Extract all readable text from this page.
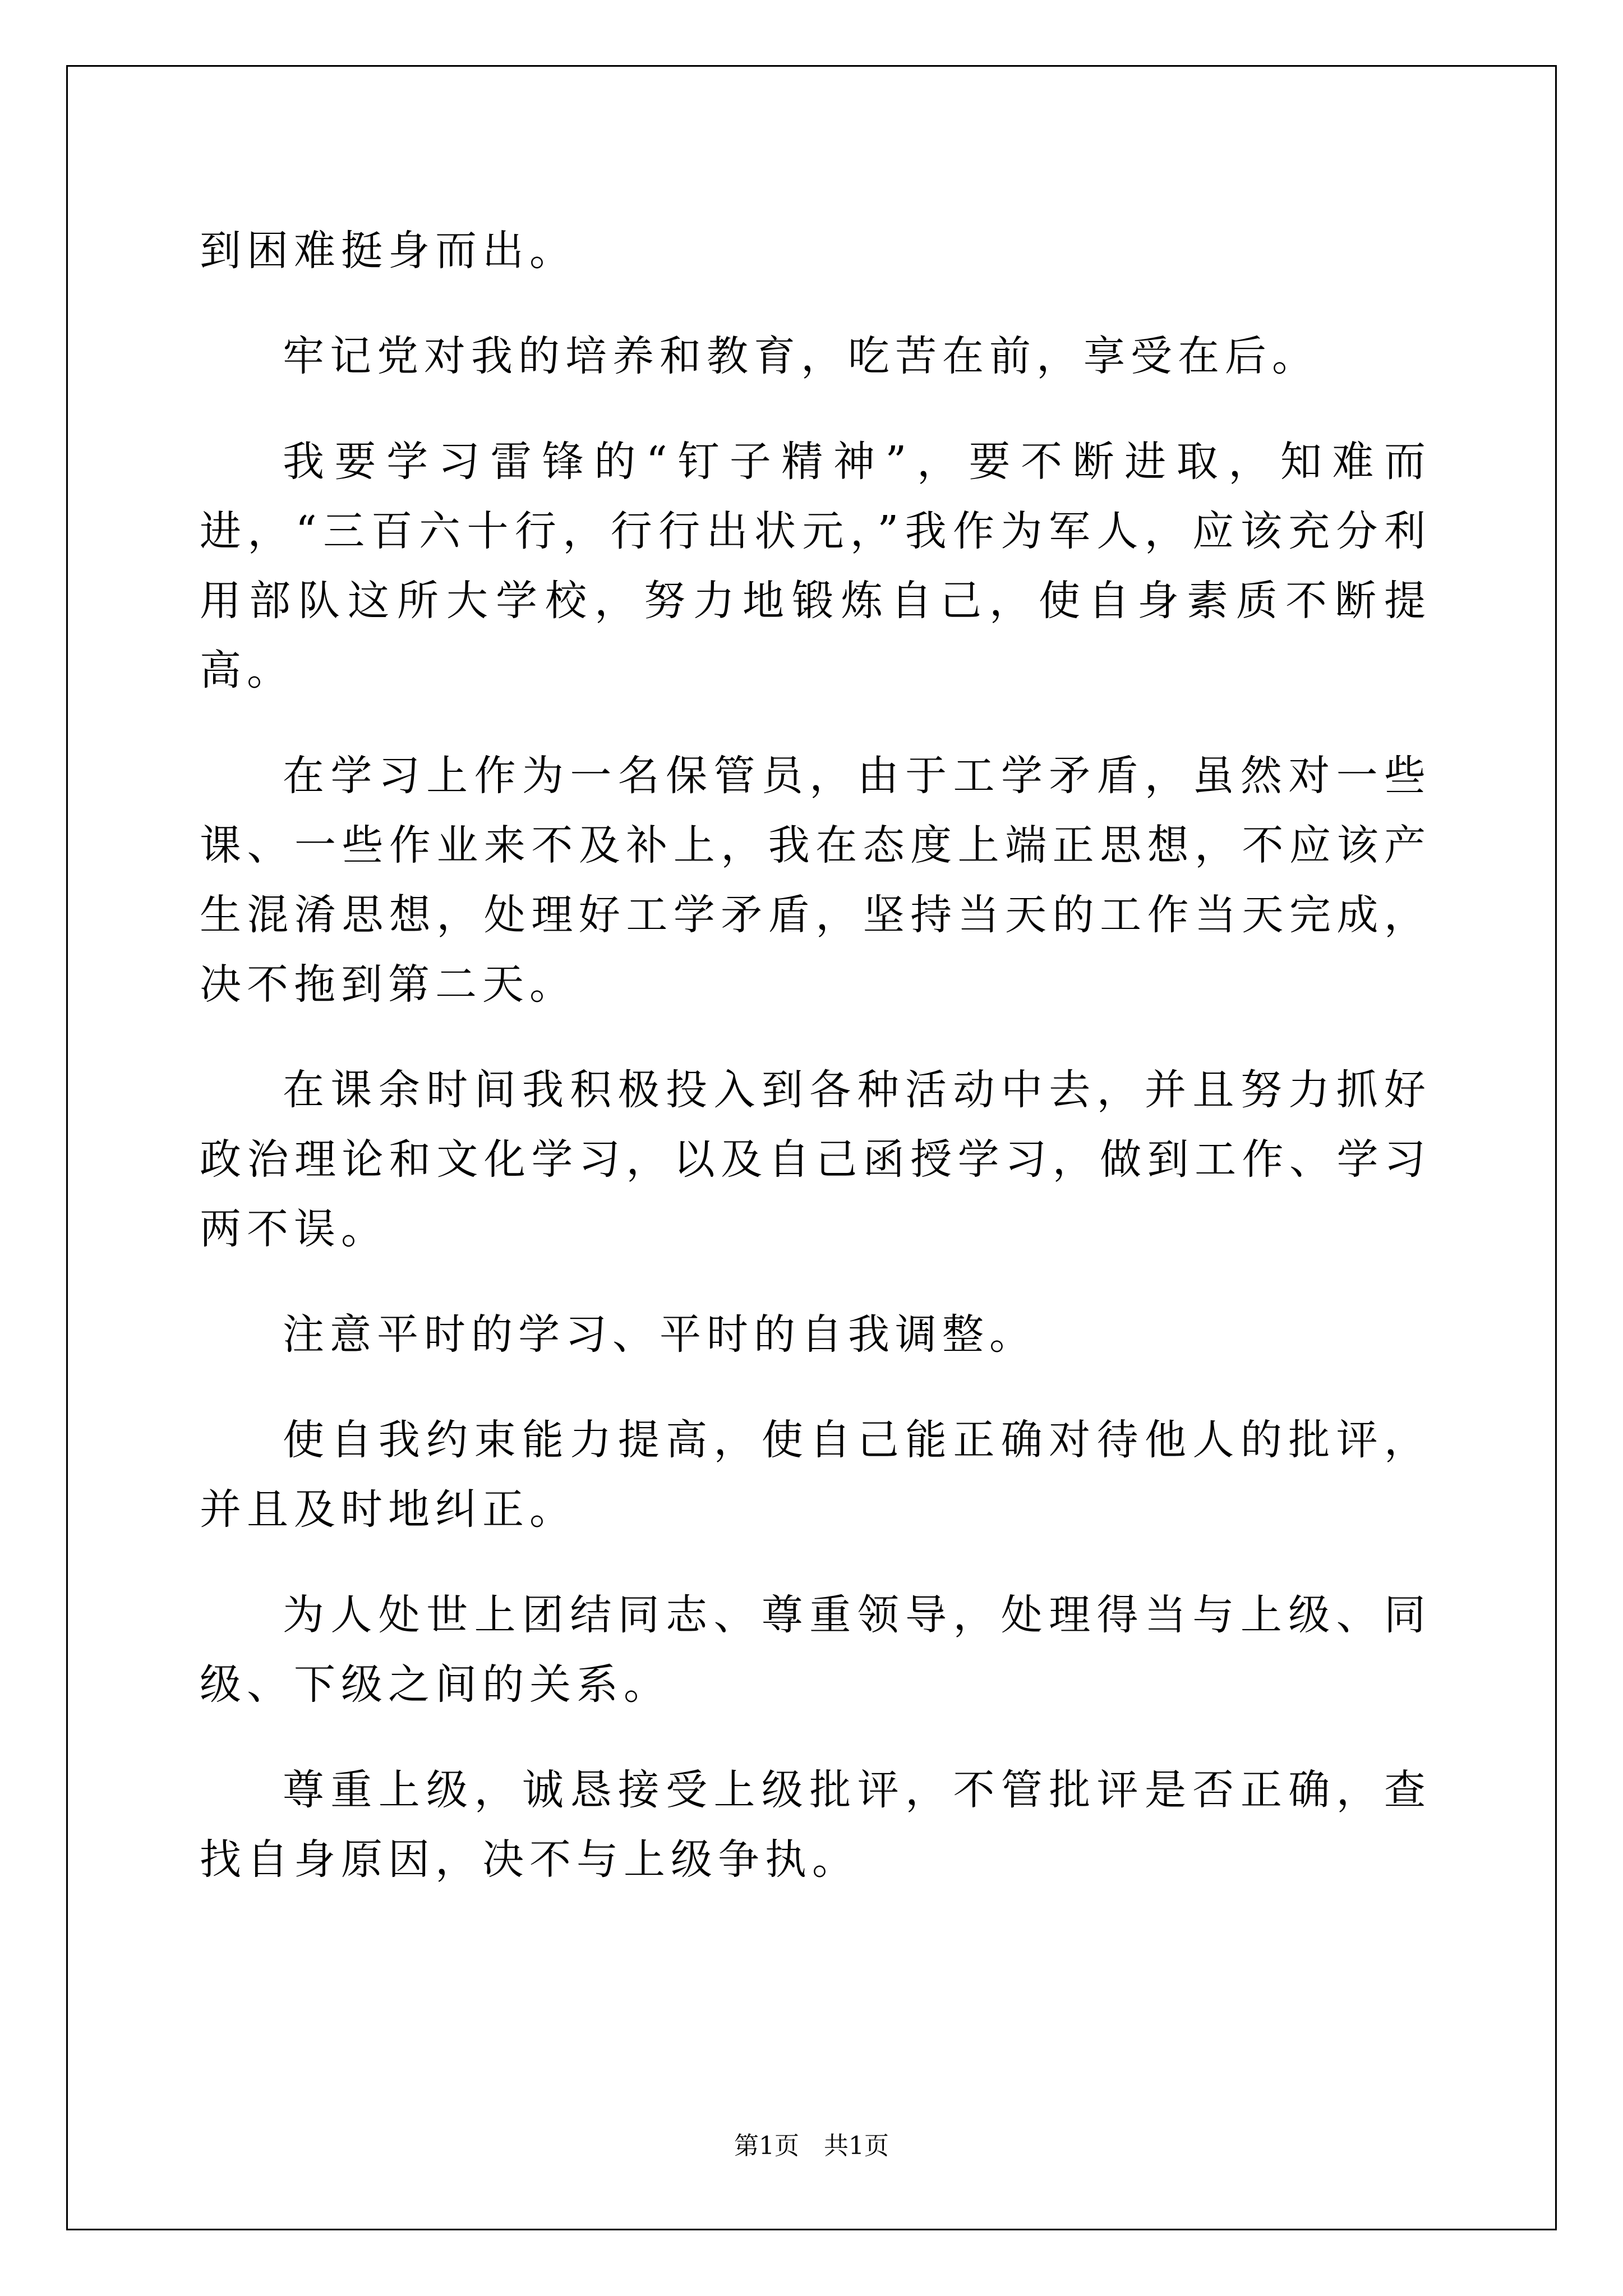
到困难挺身而出。

牢记党对我的培养和教育，吃苦在前，享受在后。

我要学习雷锋的“钉子精神”，要不断进取，知难而进，“三百六十行，行行出状元，”我作为军人，应该充分利用部队这所大学校，努力地锻炼自己，使自身素质不断提高。

在学习上作为一名保管员，由于工学矛盾，虽然对一些课、一些作业来不及补上，我在态度上端正思想，不应该产生混淆思想，处理好工学矛盾，坚持当天的工作当天完成，决不拖到第二天。

在课余时间我积极投入到各种活动中去，并且努力抓好政治理论和文化学习，以及自己函授学习，做到工作、学习两不误。

注意平时的学习、平时的自我调整。

使自我约束能力提高，使自己能正确对待他人的批评，并且及时地纠正。

为人处世上团结同志、尊重领导，处理得当与上级、同级、下级之间的关系。

尊重上级，诚恳接受上级批评，不管批评是否正确，查找自身原因，决不与上级争执。

第1页　共1页
